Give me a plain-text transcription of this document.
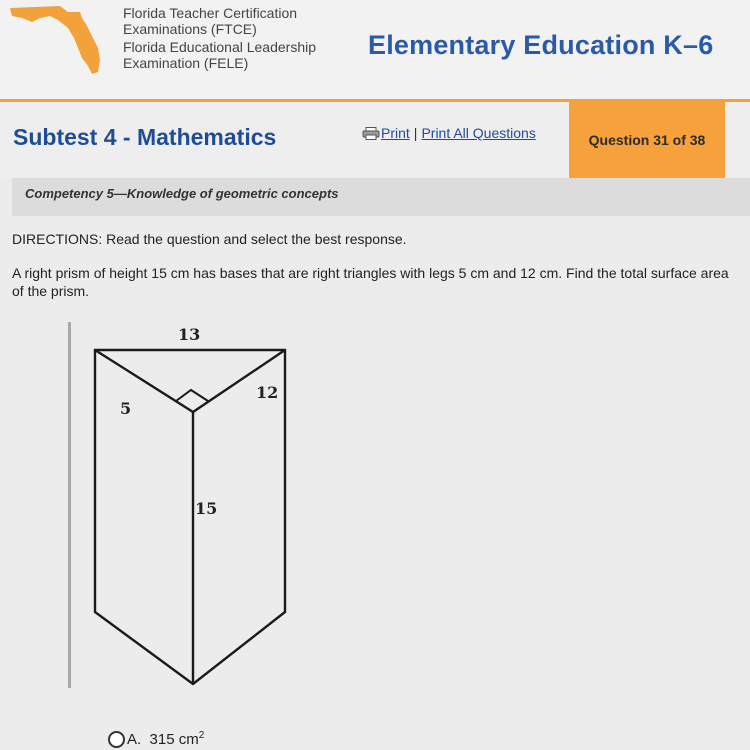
Florida Teacher Certification
Examinations (FTCE)
Florida Educational Leadership
Examination (FELE)
Elementary Education K–6
Subtest 4 - Mathematics	Print | Print All Questions	Question 31 of 38
Competency 5—Knowledge of geometric concepts
DIRECTIONS: Read the question and select the best response.
A right prism of height 15 cm has bases that are right triangles with legs 5 cm and 12 cm. Find the total surface area of the prism.
13
5
12
15
A. 315 $cm^2$
